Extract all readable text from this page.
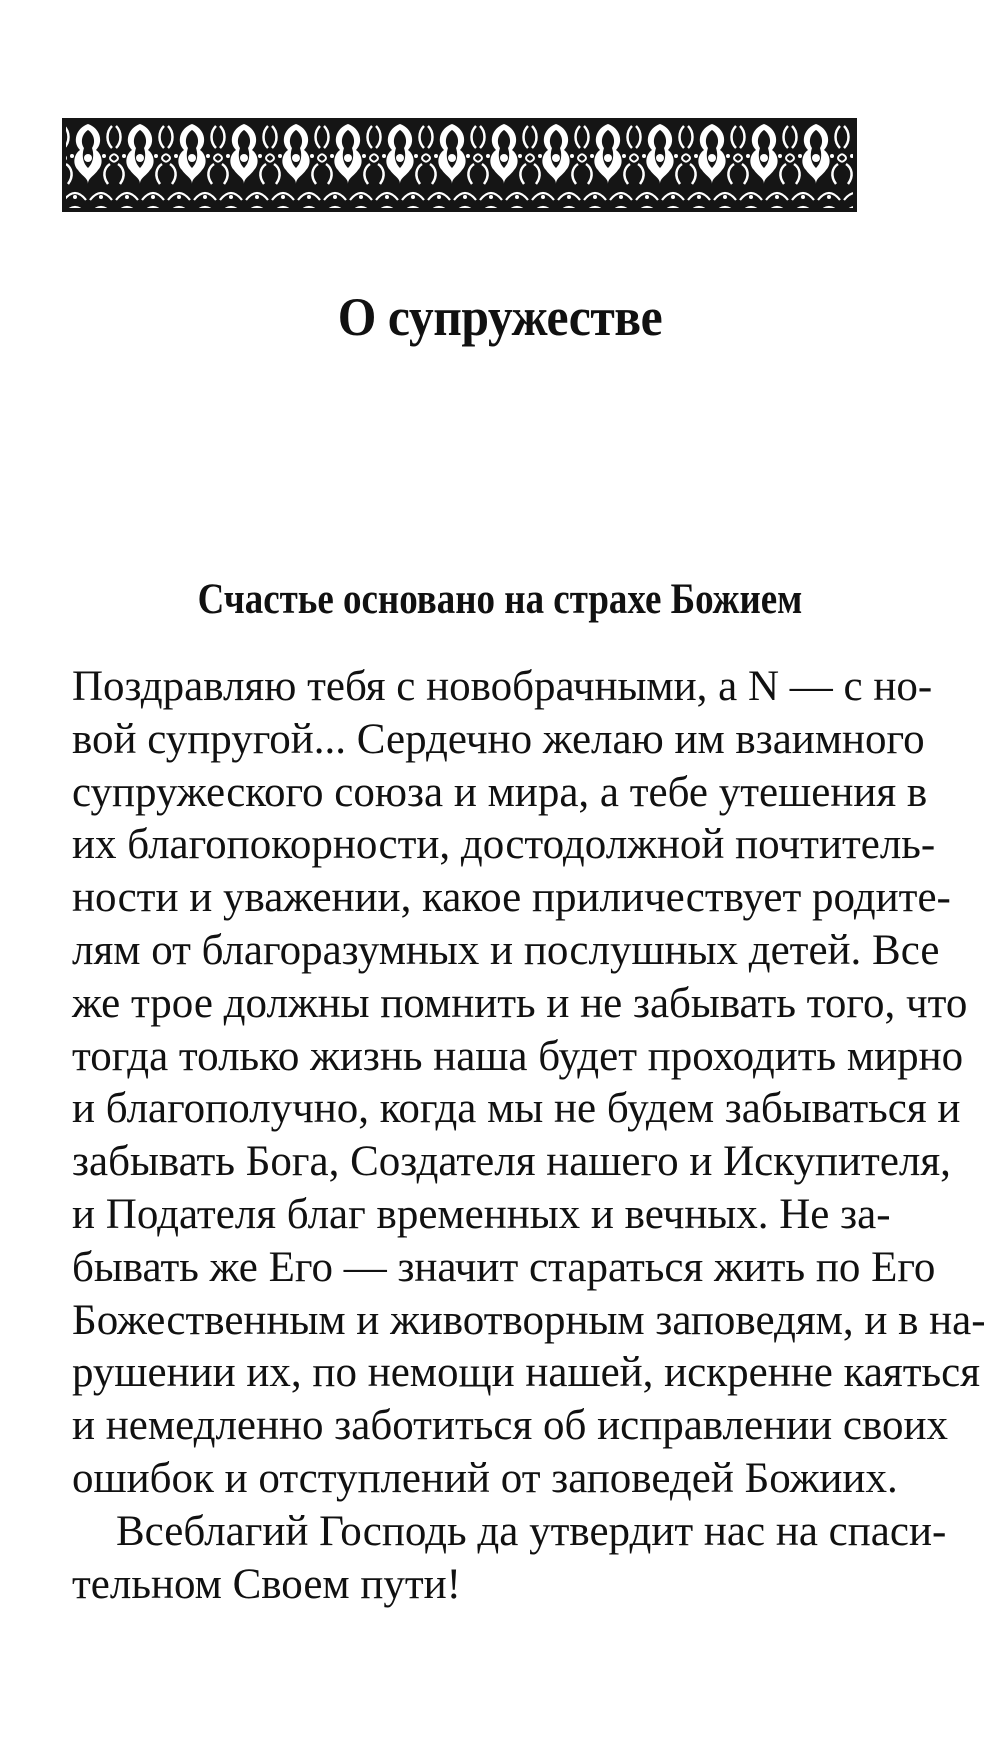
О супружестве
Счастье основано на страхе Божием
Поздравляю тебя с новобрачными, а N — с но-
вой супругой... Сердечно желаю им взаимного
супружеского союза и мира, а тебе утешения в
их благопокорности, достодолжной почтитель-
ности и уважении, какое приличествует родите-
лям от благоразумных и послушных детей. Все
же трое должны помнить и не забывать того, что
тогда только жизнь наша будет проходить мирно
и благополучно, когда мы не будем забываться и
забывать Бога, Создателя нашего и Искупителя,
и Подателя благ временных и вечных. Не за-
бывать же Его — значит стараться жить по Его
Божественным и животворным заповедям, и в на-
рушении их, по немощи нашей, искренне каяться
и немедленно заботиться об исправлении своих
ошибок и отступлений от заповедей Божиих.
Всеблагий Господь да утвердит нас на спаси-
тельном Своем пути!
